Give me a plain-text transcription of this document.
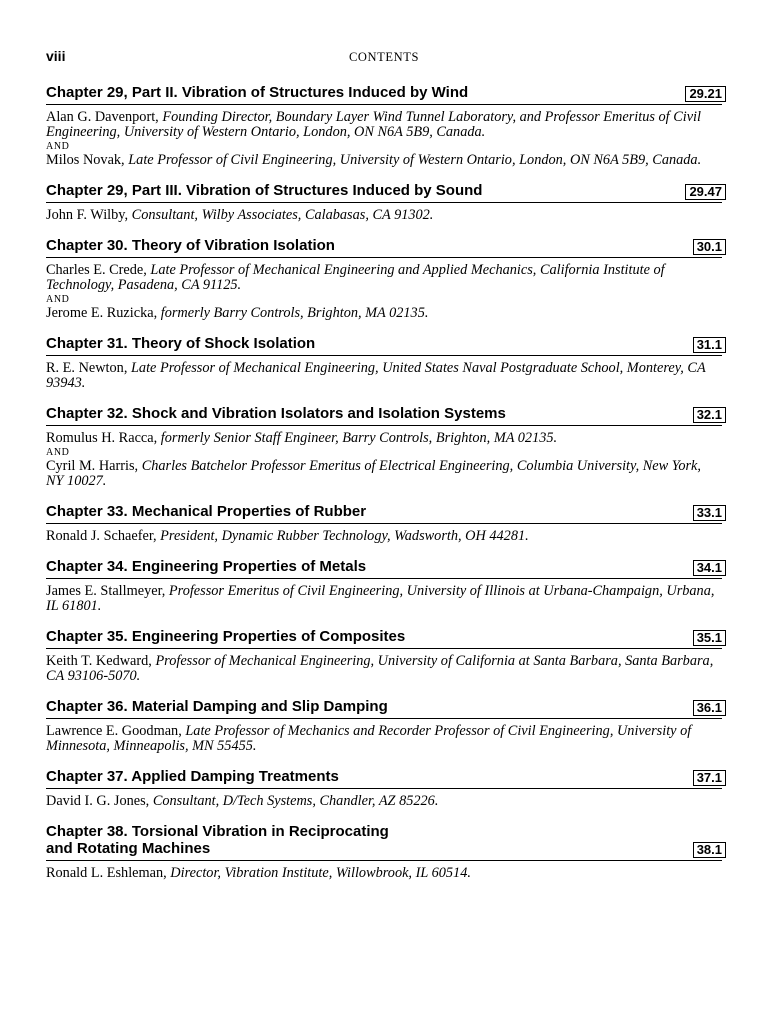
viii	CONTENTS
Chapter 29, Part II. Vibration of Structures Induced by Wind	29.21
Alan G. Davenport, Founding Director, Boundary Layer Wind Tunnel Laboratory, and Professor Emeritus of Civil Engineering, University of Western Ontario, London, ON N6A 5B9, Canada.
AND
Milos Novak, Late Professor of Civil Engineering, University of Western Ontario, London, ON N6A 5B9, Canada.
Chapter 29, Part III. Vibration of Structures Induced by Sound	29.47
John F. Wilby, Consultant, Wilby Associates, Calabasas, CA 91302.
Chapter 30. Theory of Vibration Isolation	30.1
Charles E. Crede, Late Professor of Mechanical Engineering and Applied Mechanics, California Institute of Technology, Pasadena, CA 91125.
AND
Jerome E. Ruzicka, formerly Barry Controls, Brighton, MA 02135.
Chapter 31. Theory of Shock Isolation	31.1
R. E. Newton, Late Professor of Mechanical Engineering, United States Naval Postgraduate School, Monterey, CA 93943.
Chapter 32. Shock and Vibration Isolators and Isolation Systems	32.1
Romulus H. Racca, formerly Senior Staff Engineer, Barry Controls, Brighton, MA 02135.
AND
Cyril M. Harris, Charles Batchelor Professor Emeritus of Electrical Engineering, Columbia University, New York, NY 10027.
Chapter 33. Mechanical Properties of Rubber	33.1
Ronald J. Schaefer, President, Dynamic Rubber Technology, Wadsworth, OH 44281.
Chapter 34. Engineering Properties of Metals	34.1
James E. Stallmeyer, Professor Emeritus of Civil Engineering, University of Illinois at Urbana-Champaign, Urbana, IL 61801.
Chapter 35. Engineering Properties of Composites	35.1
Keith T. Kedward, Professor of Mechanical Engineering, University of California at Santa Barbara, Santa Barbara, CA 93106-5070.
Chapter 36. Material Damping and Slip Damping	36.1
Lawrence E. Goodman, Late Professor of Mechanics and Recorder Professor of Civil Engineering, University of Minnesota, Minneapolis, MN 55455.
Chapter 37. Applied Damping Treatments	37.1
David I. G. Jones, Consultant, D/Tech Systems, Chandler, AZ 85226.
Chapter 38. Torsional Vibration in Reciprocating
and Rotating Machines	38.1
Ronald L. Eshleman, Director, Vibration Institute, Willowbrook, IL 60514.
